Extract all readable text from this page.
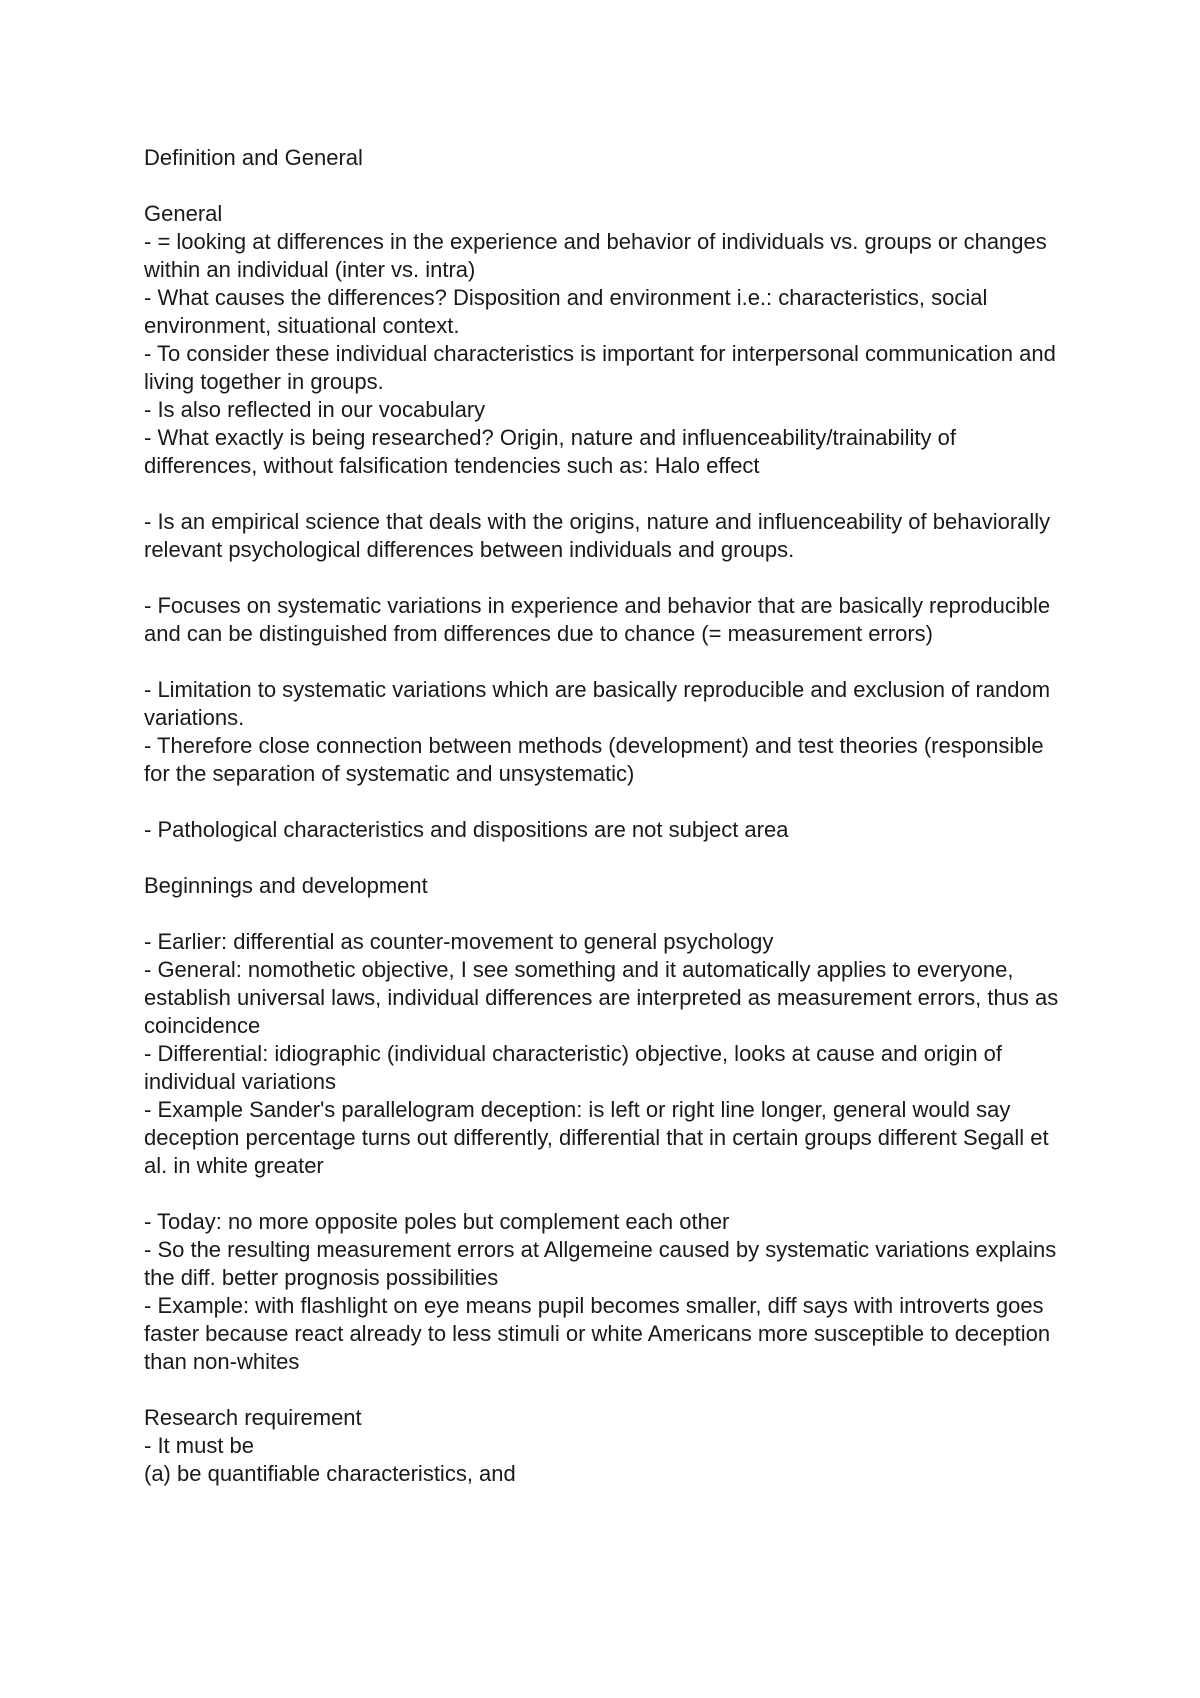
Definition and General

General

- = looking at differences in the experience and behavior of individuals vs. groups or changes within an individual (inter vs. intra)

- What causes the differences? Disposition and environment i.e.: characteristics, social environment, situational context.

- To consider these individual characteristics is important for interpersonal communication and living together in groups.

- Is also reflected in our vocabulary

- What exactly is being researched? Origin, nature and influenceability/trainability of differences, without falsification tendencies such as: Halo effect

- Is an empirical science that deals with the origins, nature and influenceability of behaviorally relevant psychological differences between individuals and groups.

- Focuses on systematic variations in experience and behavior that are basically reproducible and can be distinguished from differences due to chance (= measurement errors)

- Limitation to systematic variations which are basically reproducible and exclusion of random variations.

- Therefore close connection between methods (development) and test theories (responsible for the separation of systematic and unsystematic)

- Pathological characteristics and dispositions are not subject area

Beginnings and development

- Earlier: differential as counter-movement to general psychology

- General: nomothetic objective, I see something and it automatically applies to everyone, establish universal laws, individual differences are interpreted as measurement errors, thus as coincidence

- Differential: idiographic (individual characteristic) objective, looks at cause and origin of individual variations

- Example Sander's parallelogram deception: is left or right line longer, general would say deception percentage turns out differently, differential that in certain groups different Segall et al. in white greater

- Today: no more opposite poles but complement each other

- So the resulting measurement errors at Allgemeine caused by systematic variations explains the diff. better prognosis possibilities

- Example: with flashlight on eye means pupil becomes smaller, diff says with introverts goes faster because react already to less stimuli or white Americans more susceptible to deception than non-whites

Research requirement

- It must be

(a) be quantifiable characteristics, and
